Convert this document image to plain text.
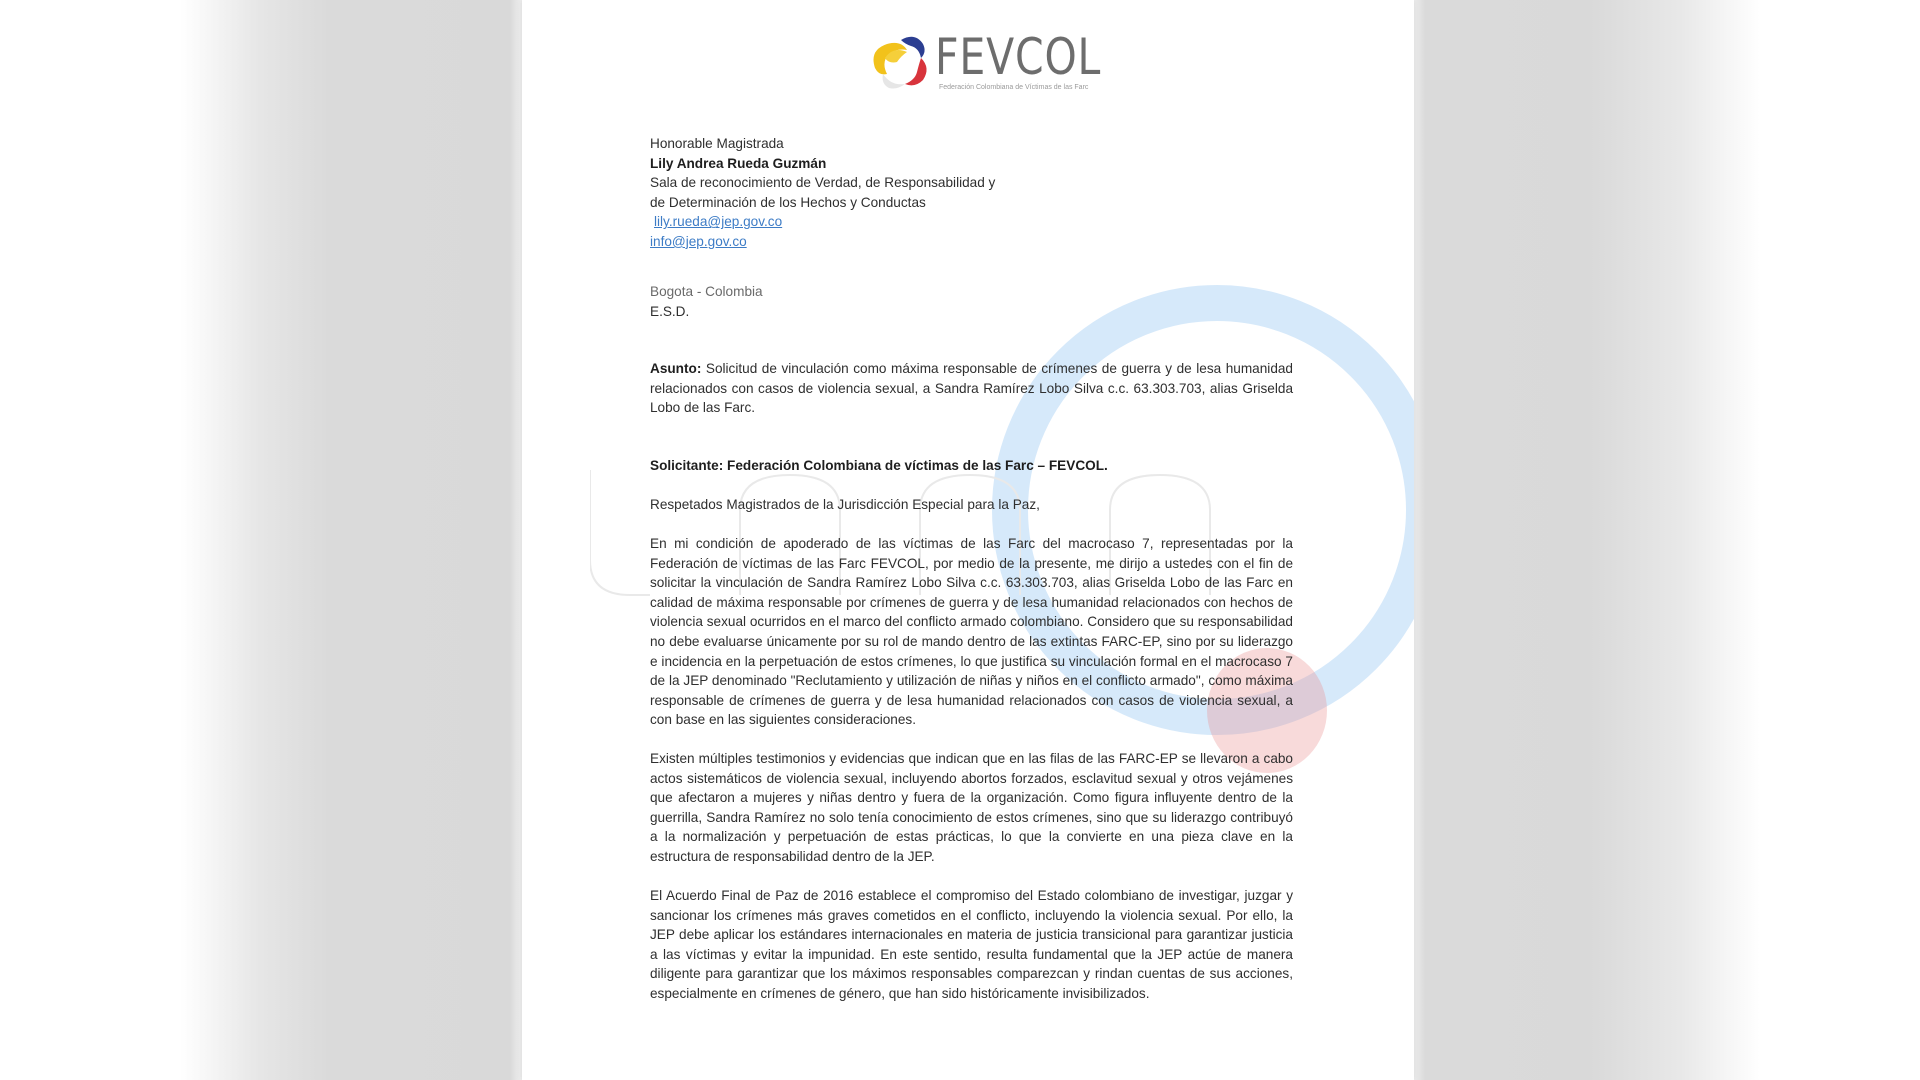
FEVCOL
Federación Colombiana de Víctimas de las Farc

Honorable Magistrada

Lily Andrea Rueda Guzmán

Sala de reconocimiento de Verdad, de Responsabilidad y

de Determinación de los Hechos y Conductas

lily.rueda@jep.gov.co

info@jep.gov.co

Bogota - Colombia

E.S.D.

Asunto: Solicitud de vinculación como máxima responsable de crímenes de guerra y de lesa humanidad relacionados con casos de violencia sexual, a Sandra Ramírez Lobo Silva c.c. 63.303.703, alias Griselda Lobo de las Farc.

Solicitante: Federación Colombiana de víctimas de las Farc – FEVCOL.

Respetados Magistrados de la Jurisdicción Especial para la Paz,

En mi condición de apoderado de las víctimas de las Farc del macrocaso 7, representadas por la Federación de víctimas de las Farc FEVCOL, por medio de la presente, me dirijo a ustedes con el fin de solicitar la vinculación de Sandra Ramírez Lobo Silva c.c. 63.303.703, alias Griselda Lobo de las Farc en calidad de máxima responsable por crímenes de guerra y de lesa humanidad relacionados con hechos de violencia sexual ocurridos en el marco del conflicto armado colombiano. Considero que su responsabilidad no debe evaluarse únicamente por su rol de mando dentro de las extintas FARC-EP, sino por su liderazgo e incidencia en la perpetuación de estos crímenes, lo que justifica su vinculación formal en el macrocaso 7 de la JEP denominado "Reclutamiento y utilización de niñas y niños en el conflicto armado", como máxima responsable de crímenes de guerra y de lesa humanidad relacionados con casos de violencia sexual, a con base en las siguientes consideraciones.

Existen múltiples testimonios y evidencias que indican que en las filas de las FARC-EP se llevaron a cabo actos sistemáticos de violencia sexual, incluyendo abortos forzados, esclavitud sexual y otros vejámenes que afectaron a mujeres y niñas dentro y fuera de la organización. Como figura influyente dentro de la guerrilla, Sandra Ramírez no solo tenía conocimiento de estos crímenes, sino que su liderazgo contribuyó a la normalización y perpetuación de estas prácticas, lo que la convierte en una pieza clave en la estructura de responsabilidad dentro de la JEP.

El Acuerdo Final de Paz de 2016 establece el compromiso del Estado colombiano de investigar, juzgar y sancionar los crímenes más graves cometidos en el conflicto, incluyendo la violencia sexual. Por ello, la JEP debe aplicar los estándares internacionales en materia de justicia transicional para garantizar justicia a las víctimas y evitar la impunidad. En este sentido, resulta fundamental que la JEP actúe de manera diligente para garantizar que los máximos responsables comparezcan y rindan cuentas de sus acciones, especialmente en crímenes de género, que han sido históricamente invisibilizados.
